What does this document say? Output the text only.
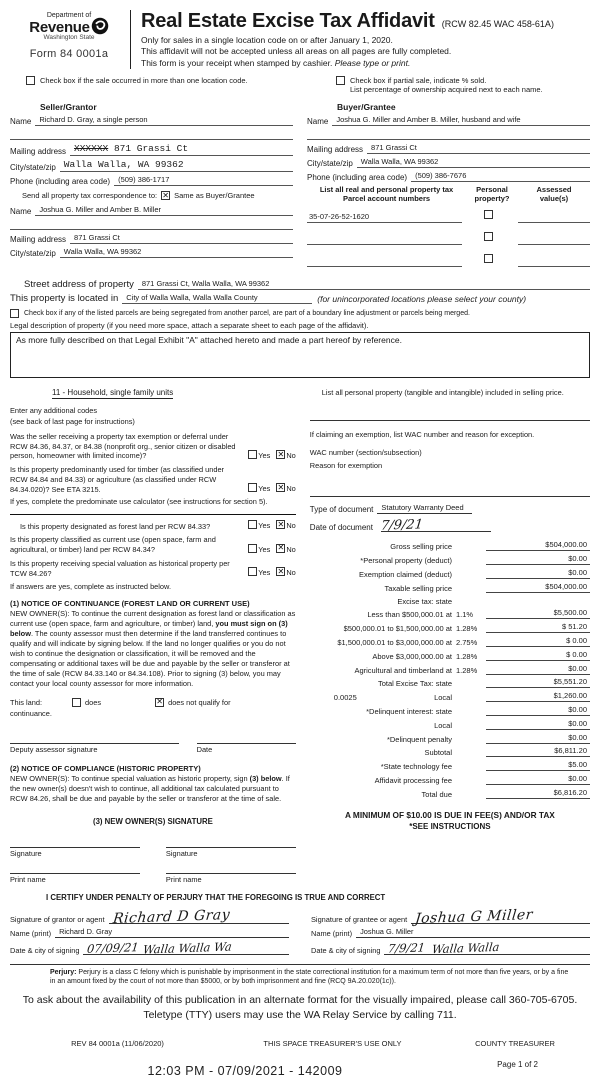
Department of
Revenue
Washington State
Form 84 0001a
Real Estate Excise Tax Affidavit (RCW 82.45 WAC 458-61A)
Only for sales in a single location code on or after January 1, 2020.
This affidavit will not be accepted unless all areas on all pages are fully completed.
This form is your receipt when stamped by cashier. Please type or print.
Check box if the sale occurred in more than one location code.	Check box if partial sale, indicate % sold.
List percentage of ownership acquired next to each name.
Seller/Grantor
Name	Richard D. Gray, a single person
Mailing address XXXXXX 871 Grassi Ct
City/state/zip Walla Walla, WA 99362
Phone (including area code)	(509) 386-1717
Send all property tax correspondence to: ✕ Same as Buyer/Grantee
Name	Joshua G. Miller and Amber B. Miller
Mailing address	871 Grassi Ct
City/state/zip	Walla Walla, WA 99362
Buyer/Grantee
Name	Joshua G. Miller and Amber B. Miller, husband and wife
Mailing address	871 Grassi Ct
City/state/zip	Walla Walla, WA 99362
Phone (including area code)	(509) 386-7676
List all real and personal property tax
Parcel account numbers
Personal
property?
Assessed
value(s)
35-07-26-52-1620
Street address of property	871 Grassi Ct, Walla Walla, WA 99362
This property is located in	City of Walla Walla, Walla Walla County	(for unincorporated locations please select your county)
Check box if any of the listed parcels are being segregated from another parcel, are part of a boundary line adjustment or parcels being merged.
Legal description of property (if you need more space, attach a separate sheet to each page of the affidavit).
As more fully described on that Legal Exhibit "A" attached hereto and made a part hereof by reference.
11 - Household, single family units
Enter any additional codes
(see back of last page for instructions)
Was the seller receiving a property tax exemption or deferral under RCW 84.36, 84.37, or 84.38 (nonprofit org., senior citizen or disabled person, homeowner with limited income)?	Yes ✕ No
Is this property predominantly used for timber (as classified under RCW 84.84 and 84.33) or agriculture (as classified under RCW 84.34.020)? See ETA 3215.	Yes ✕ No
If yes, complete the predominate use calculator (see instructions for section 5).
Is this property designated as forest land per RCW 84.33?	Yes ✕ No
Is this property classified as current use (open space, farm and agricultural, or timber) land per RCW 84.34?	Yes ✕ No
Is this property receiving special valuation as historical property per TCW 84.26?	Yes ✕ No
If answers are yes, complete as instructed below.
(1) NOTICE OF CONTINUANCE (FOREST LAND OR CURRENT USE)
NEW OWNER(S): To continue the current designation as forest land or classification as current use (open space, farm and agriculture, or timber) land, you must sign on (3) below. The county assessor must then determine if the land transferred continues to qualify and will indicate by signing below. If the land no longer qualifies or you do not wish to continue the designation or classification, it will be removed and the compensating or additional taxes will be due and payable by the seller or transferor at the time of sale (RCW 84.33.140 or 84.34.108). Prior to signing (3) below, you may contact your local county assessor for more information.
This land:	does ✕	does not qualify for
continuance.
Deputy assessor signature	Date
(2) NOTICE OF COMPLIANCE (HISTORIC PROPERTY)
NEW OWNER(S): To continue special valuation as historic property, sign (3) below. If the new owner(s) doesn't wish to continue, all additional tax calculated pursuant to RCW 84.26, shall be due and payable by the seller or transferor at the time of sale.
(3) NEW OWNER(S) SIGNATURE
Signature	Signature
Print name	Print name
List all personal property (tangible and intangible) included in selling price.
If claiming an exemption, list WAC number and reason for exception.
WAC number (section/subsection)
Reason for exemption
Type of document	Statutory Warranty Deed
Date of document 7/9/21
Gross selling price	$504,000.00
*Personal property (deduct)	$0.00
Exemption claimed (deduct)	$0.00
Taxable selling price	$504,000.00
Excise tax: state
Less than $500,000.01 at 1.1%	$5,500.00
$500,000.01 to $1,500,000.00 at 1.28%	$ 51.20
$1,500,000.01 to $3,000,000.00 at 2.75%	$ 0.00
Above $3,000,000.00 at 1.28%	$ 0.00
Agricultural and timberland at 1.28%	$0.00
Total Excise Tax: state	$5,551.20
0.0025	Local	$1,260.00
*Delinquent interest: state	$0.00
Local	$0.00
*Delinquent penalty	$0.00
Subtotal	$6,811.20
*State technology fee	$5.00
Affidavit processing fee	$0.00
Total due	$6,816.20
A MINIMUM OF $10.00 IS DUE IN FEE(S) AND/OR TAX
*SEE INSTRUCTIONS
I CERTIFY UNDER PENALTY OF PERJURY THAT THE FOREGOING IS TRUE AND CORRECT
Signature of grantor or agent Richard D Gray
Name (print)	Richard D. Gray
Date & city of signing 07/09/21 Walla Walla Wa
Signature of grantee or agent Joshua G Miller
Name (print)	Joshua G. Miller
Date & city of signing 7/9/21 Walla Walla
Perjury: Perjury is a class C felony which is punishable by imprisonment in the state correctional institution for a maximum term of not more than five years, or by a fine in an amount fixed by the court of not more than $5000, or by both imprisonment and fine (RCQ 9A.20.020(1c)).
To ask about the availability of this publication in an alternate format for the visually impaired, please call 360-705-6705.
Teletype (TTY) users may use the WA Relay Service by calling 711.
REV 84 0001a (11/06/2020)	THIS SPACE TREASURER'S USE ONLY	COUNTY TREASURER
12:03 PM - 07/09/2021 - 142009	Page 1 of 2
